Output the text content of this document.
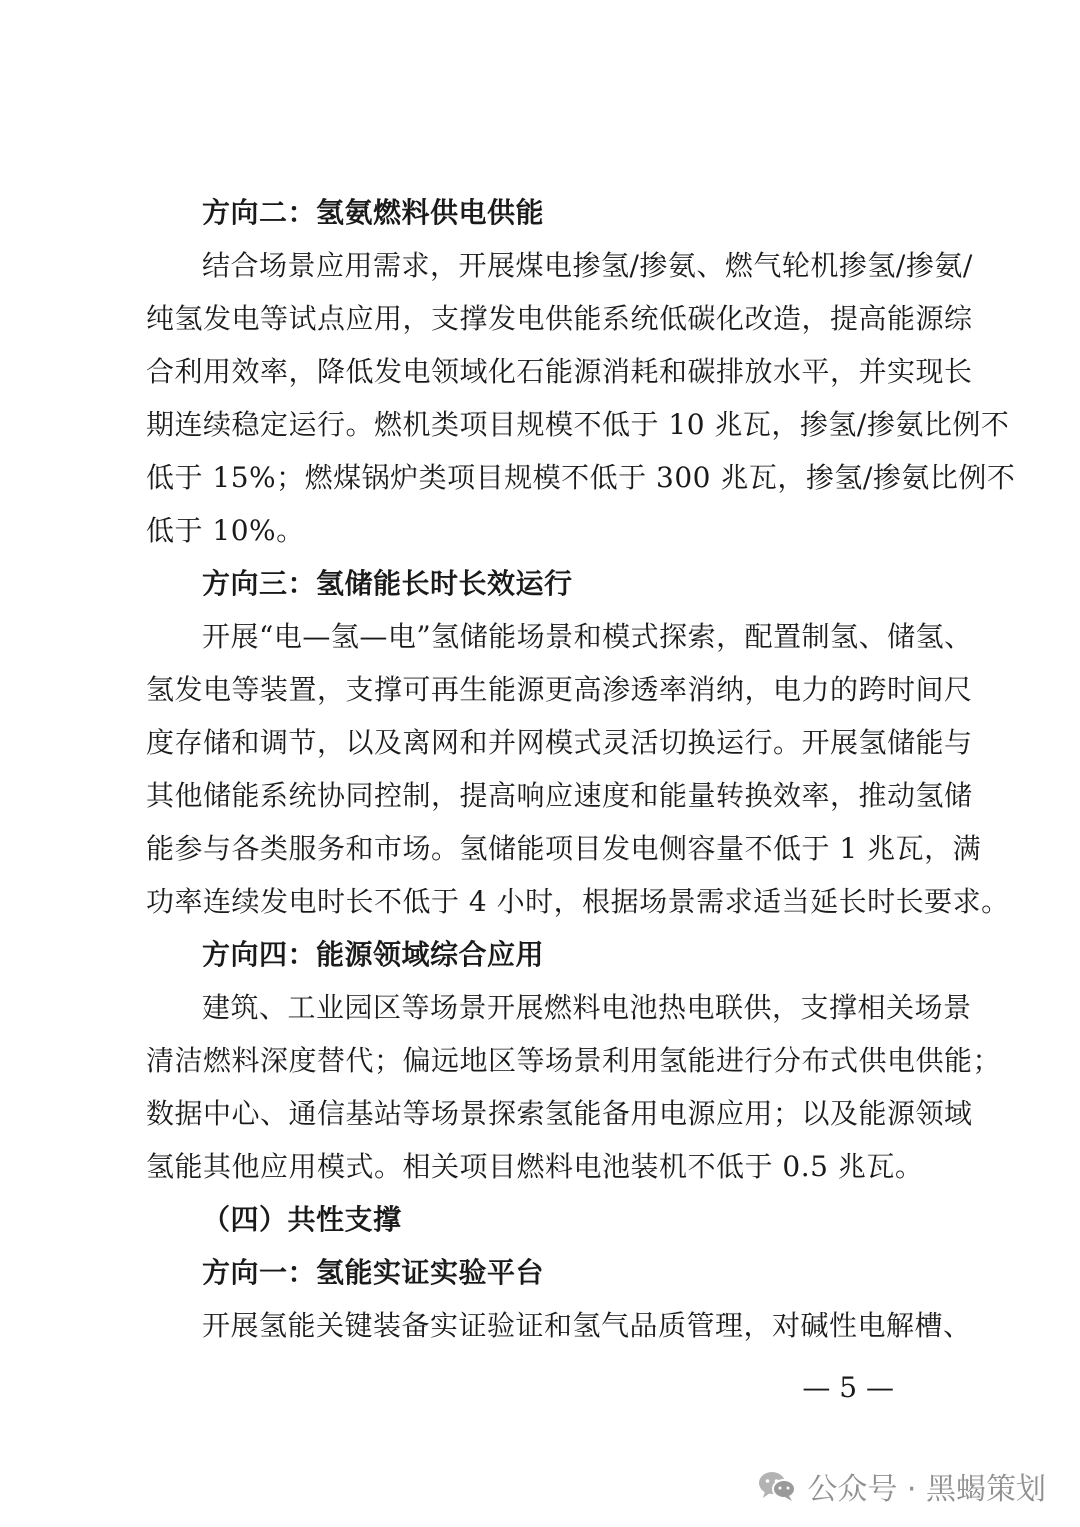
方向二：氢氨燃料供电供能
结合场景应用需求，开展煤电掺氢/掺氨、燃气轮机掺氢/掺氨/
纯氢发电等试点应用，支撑发电供能系统低碳化改造，提高能源综
合利用效率，降低发电领域化石能源消耗和碳排放水平，并实现长
期连续稳定运行。燃机类项目规模不低于 10 兆瓦，掺氢/掺氨比例不
低于 15%；燃煤锅炉类项目规模不低于 300 兆瓦，掺氢/掺氨比例不
低于 10%。
方向三：氢储能长时长效运行
开展“电—氢—电”氢储能场景和模式探索，配置制氢、储氢、
氢发电等装置，支撑可再生能源更高渗透率消纳，电力的跨时间尺
度存储和调节，以及离网和并网模式灵活切换运行。开展氢储能与
其他储能系统协同控制，提高响应速度和能量转换效率，推动氢储
能参与各类服务和市场。氢储能项目发电侧容量不低于 1 兆瓦，满
功率连续发电时长不低于 4 小时，根据场景需求适当延长时长要求。
方向四：能源领域综合应用
建筑、工业园区等场景开展燃料电池热电联供，支撑相关场景
清洁燃料深度替代；偏远地区等场景利用氢能进行分布式供电供能；
数据中心、通信基站等场景探索氢能备用电源应用；以及能源领域
氢能其他应用模式。相关项目燃料电池装机不低于 0.5 兆瓦。
（四）共性支撑
方向一：氢能实证实验平台
开展氢能关键装备实证验证和氢气品质管理，对碱性电解槽、
— 5 —
公众号 · 黑蝎策划
